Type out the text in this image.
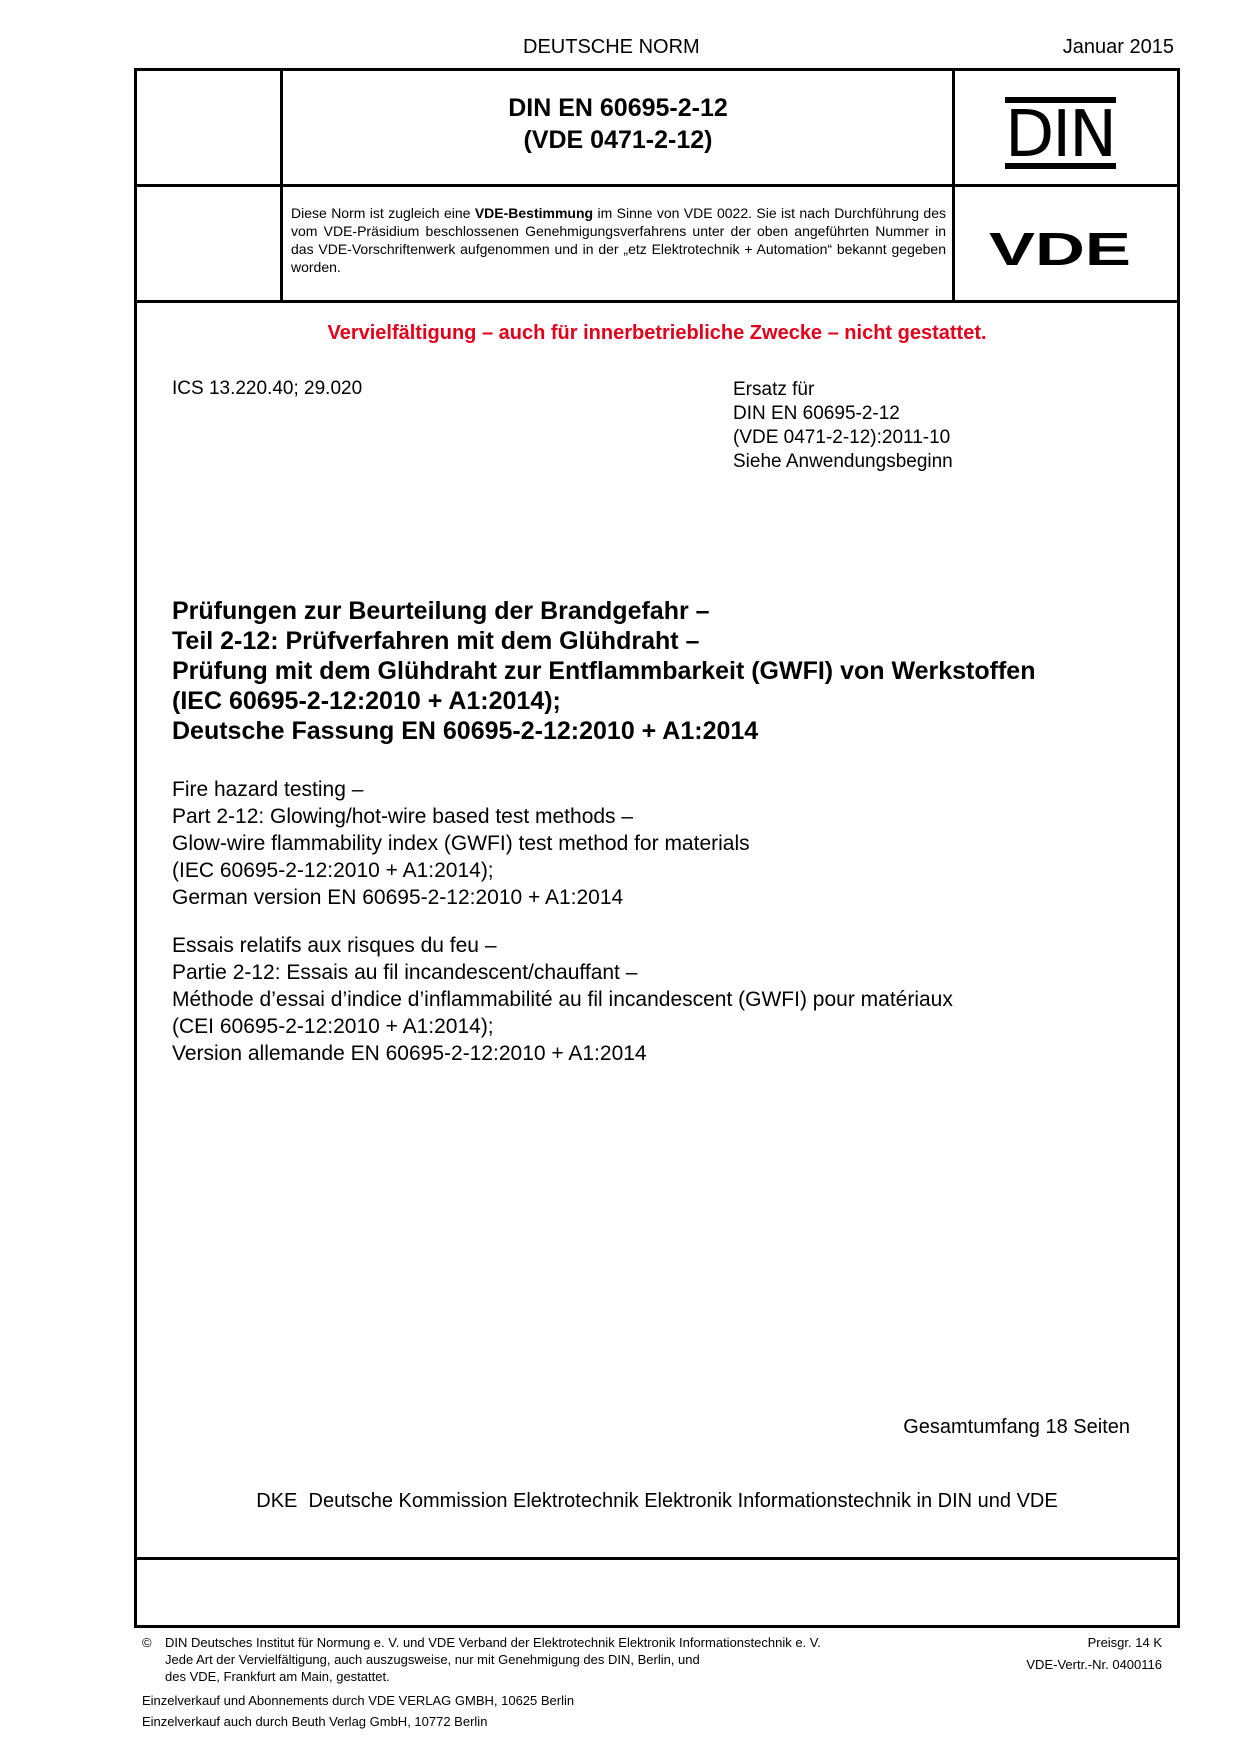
DEUTSCHE NORM	Januar 2015
DIN EN 60695-2-12
(VDE 0471-2-12)	DIN
Diese Norm ist zugleich eine VDE-Bestimmung im Sinne von VDE 0022. Sie ist nach Durchführung des vom VDE-Präsidium beschlossenen Genehmigungsverfahrens unter der oben angeführten Nummer in das VDE-Vorschriftenwerk aufgenommen und in der „etz Elektrotechnik + Automation“ bekannt gegeben worden.	VDE
Vervielfältigung – auch für innerbetriebliche Zwecke – nicht gestattet.
ICS 13.220.40; 29.020	Ersatz für
DIN EN 60695-2-12
(VDE 0471-2-12):2011-10
Siehe Anwendungsbeginn
Prüfungen zur Beurteilung der Brandgefahr –
Teil 2-12: Prüfverfahren mit dem Glühdraht –
Prüfung mit dem Glühdraht zur Entflammbarkeit (GWFI) von Werkstoffen
(IEC 60695-2-12:2010 + A1:2014);
Deutsche Fassung EN 60695-2-12:2010 + A1:2014
Fire hazard testing –
Part 2-12: Glowing/hot-wire based test methods –
Glow-wire flammability index (GWFI) test method for materials
(IEC 60695-2-12:2010 + A1:2014);
German version EN 60695-2-12:2010 + A1:2014
Essais relatifs aux risques du feu –
Partie 2-12: Essais au fil incandescent/chauffant –
Méthode d’essai d’indice d’inflammabilité au fil incandescent (GWFI) pour matériaux
(CEI 60695-2-12:2010 + A1:2014);
Version allemande EN 60695-2-12:2010 + A1:2014
Gesamtumfang 18 Seiten
DKE  Deutsche Kommission Elektrotechnik Elektronik Informationstechnik in DIN und VDE
© DIN Deutsches Institut für Normung e. V. und VDE Verband der Elektrotechnik Elektronik Informationstechnik e. V.
Jede Art der Vervielfältigung, auch auszugsweise, nur mit Genehmigung des DIN, Berlin, und
des VDE, Frankfurt am Main, gestattet.
Preisgr. 14 K
VDE-Vertr.-Nr. 0400116
Einzelverkauf und Abonnements durch VDE VERLAG GMBH, 10625 Berlin
Einzelverkauf auch durch Beuth Verlag GmbH, 10772 Berlin
